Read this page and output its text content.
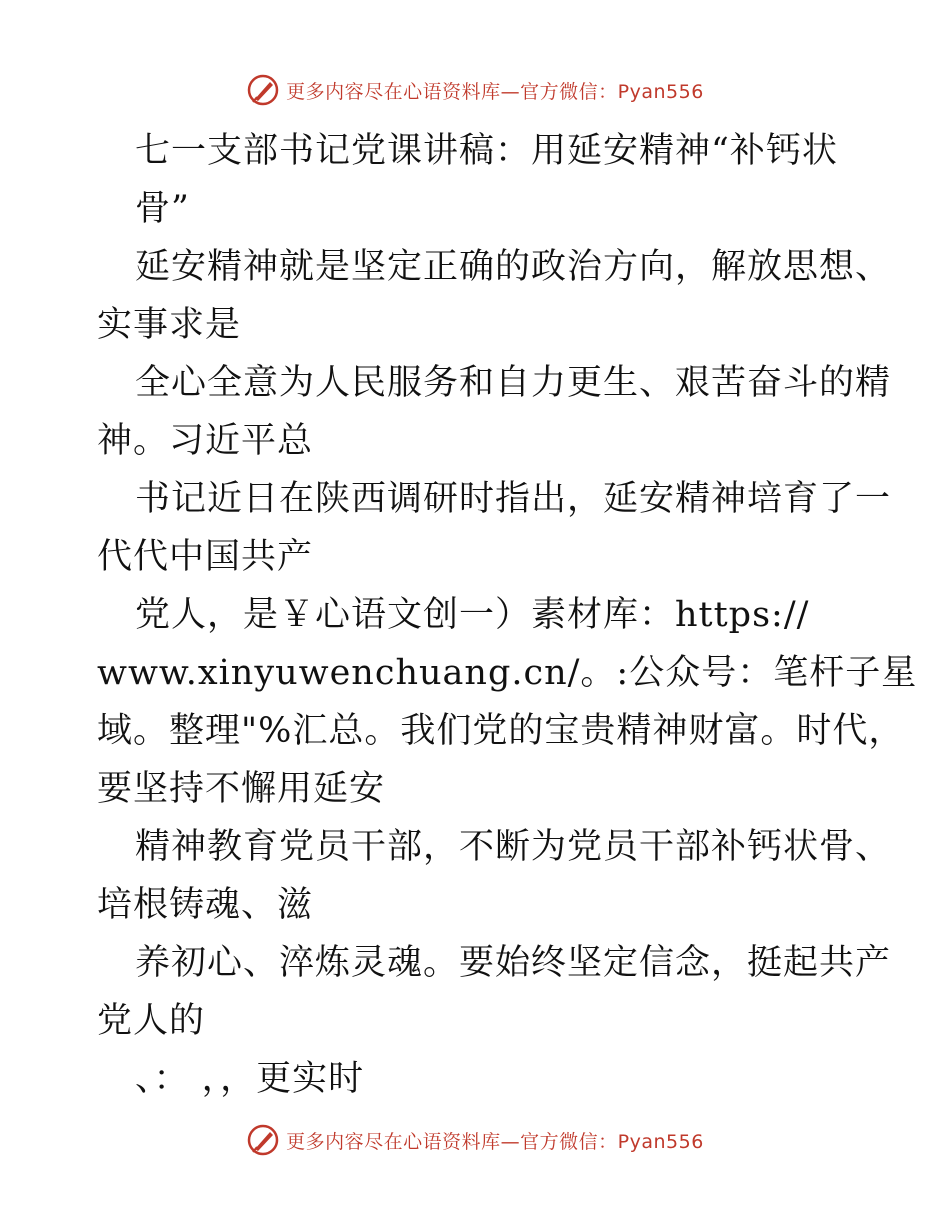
更多内容尽在心语资料库—官方微信：Pyan556
七一支部书记党课讲稿：用延安精神“补钙状
骨”
延安精神就是坚定正确的政治方向，解放思想、
实事求是
全心全意为人民服务和自力更生、艰苦奋斗的精
神。习近平总
书记近日在陕西调研时指出，延安精神培育了一
代代中国共产
党人，是￥心语文创一）素材库：https://
www.xinyuwenchuang.cn/。:公众号：笔杆子星
域。整理"%汇总。我们党的宝贵精神财富。时代，
要坚持不懈用延安
精神教育党员干部，不断为党员干部补钙状骨、
培根铸魂、滋
养初心、淬炼灵魂。要始终坚定信念，挺起共产
党人的
、： ，，更实时
更多内容尽在心语资料库—官方微信：Pyan556
